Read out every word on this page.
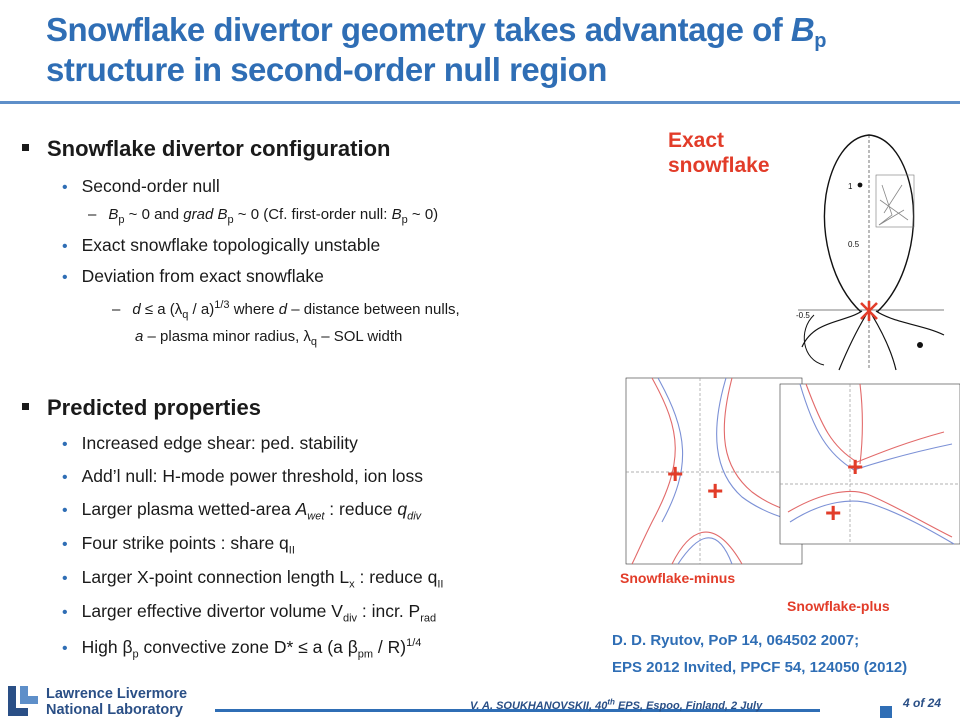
Snowflake divertor geometry takes advantage of $B_p$
structure in second-order null region
Snowflake divertor configuration
• Second-order null
– $B_p$ ~ 0 and grad $B_p$ ~ 0 (Cf. first-order null: $B_p$ ~ 0)
• Exact snowflake topologically unstable
• Deviation from exact snowflake
– d ≤ a $(\lambda_q / a)^{1/3}$ where d – distance between nulls,
a – plasma minor radius, $\lambda_q$ – SOL width
Predicted properties
• Increased edge shear: ped. stability
• Add’l null: H-mode power threshold, ion loss
• Larger plasma wetted-area $A_{wet}$ : reduce $q_{div}$
• Four strike points : share $q_{II}$
• Larger X-point connection length $L_x$ : reduce $q_{II}$
• Larger effective divertor volume $V_{div}$ : incr. $P_{rad}$
• High $\beta_p$ convective zone D* ≤ a (a $\beta_{pm} / R)^{1/4}$
Exact
snowflake
1
0.5
-0.5
+
+
+
+
Snowflake-minus
Snowflake-plus
D. D. Ryutov, PoP 14, 064502 2007;
EPS 2012 Invited, PPCF 54, 124050 (2012)
Lawrence Livermore
National Laboratory	V. A. SOUKHANOVSKII, 40th EPS, Espoo, Finland, 2 July	4 of 24
